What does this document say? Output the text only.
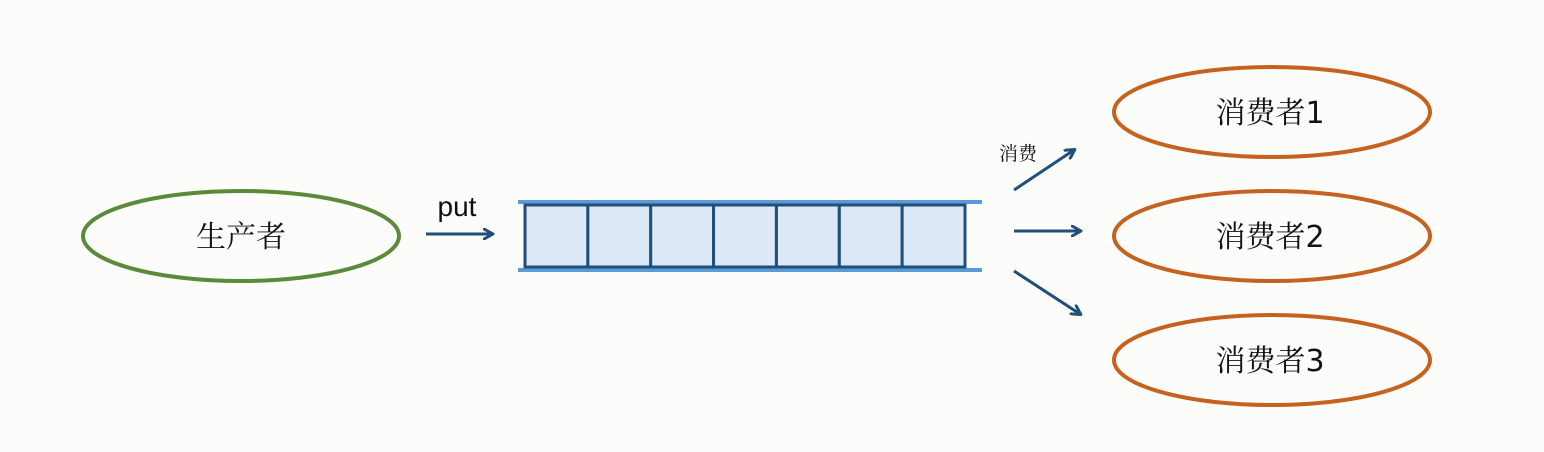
生产者
put
消费
消费者1
消费者2
消费者3
